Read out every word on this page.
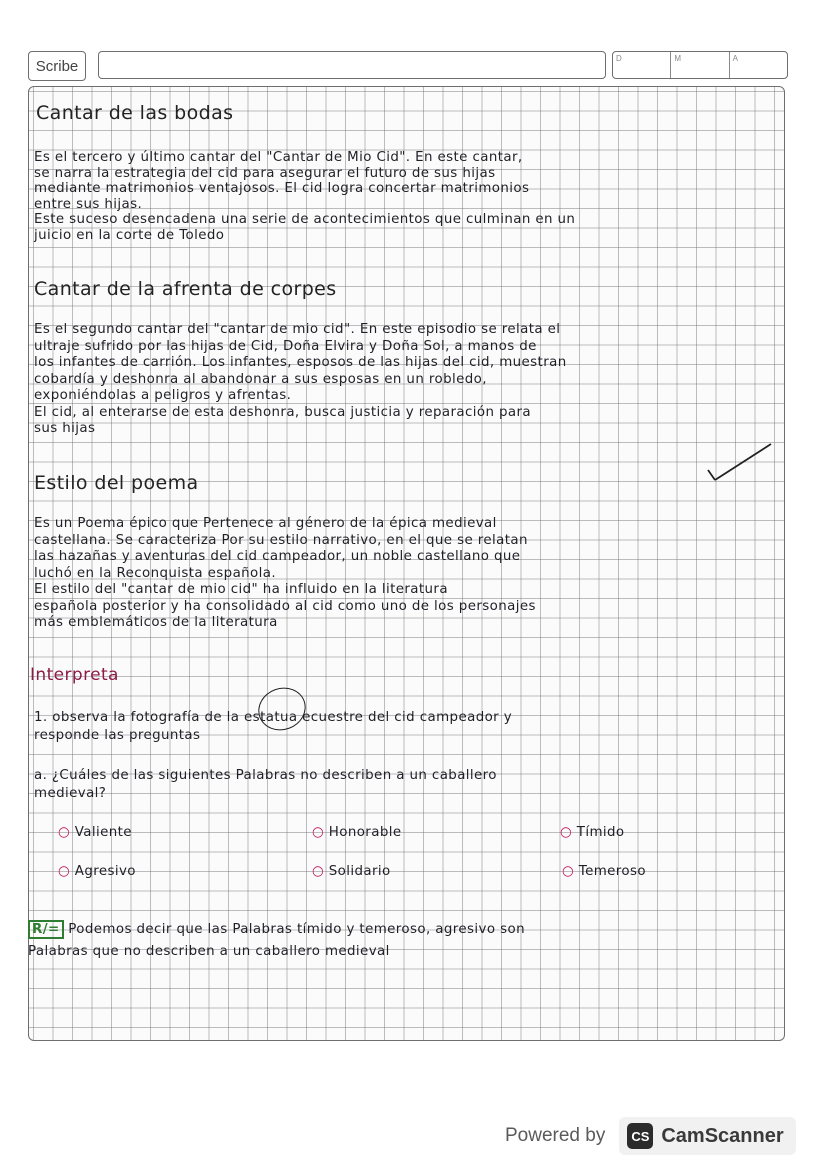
Scribe	D	M	A
Cantar de las bodas
Es el tercero y último cantar del "Cantar de Mio Cid". En este cantar,
se narra la estrategia del cid para asegurar el futuro de sus hijas
mediante matrimonios ventajosos. El cid logra concertar matrimonios
entre sus hijas.
Este suceso desencadena una serie de acontecimientos que culminan en un
juicio en la corte de Toledo
Cantar de la afrenta de corpes
Es el segundo cantar del "cantar de mio cid". En este episodio se relata el
ultraje sufrido por las hijas de Cid, Doña Elvira y Doña Sol, a manos de
los infantes de carrión. Los infantes, esposos de las hijas del cid, muestran
cobardía y deshonra al abandonar a sus esposas en un robledo,
exponiéndolas a peligros y afrentas.
El cid, al enterarse de esta deshonra, busca justicia y reparación para
sus hijas
Estilo del poema
Es un Poema épico que Pertenece al género de la épica medieval
castellana. Se caracteriza Por su estilo narrativo, en el que se relatan
las hazañas y aventuras del cid campeador, un noble castellano que
luchó en la Reconquista española.
El estilo del "cantar de mio cid" ha influido en la literatura
española posterior y ha consolidado al cid como uno de los personajes
más emblemáticos de la literatura
Interpreta
1. observa la fotografía de la estatua ecuestre del cid campeador y
responde las preguntas
a. ¿Cuáles de las siguientes Palabras no describen a un caballero
medieval?
○ Valiente	○ Honorable	○ Tímido
○ Agresivo	○ Solidario	○ Temeroso
R/= Podemos decir que las Palabras tímido y temeroso, agresivo son
Palabras que no describen a un caballero medieval
Powered by	CS CamScanner
